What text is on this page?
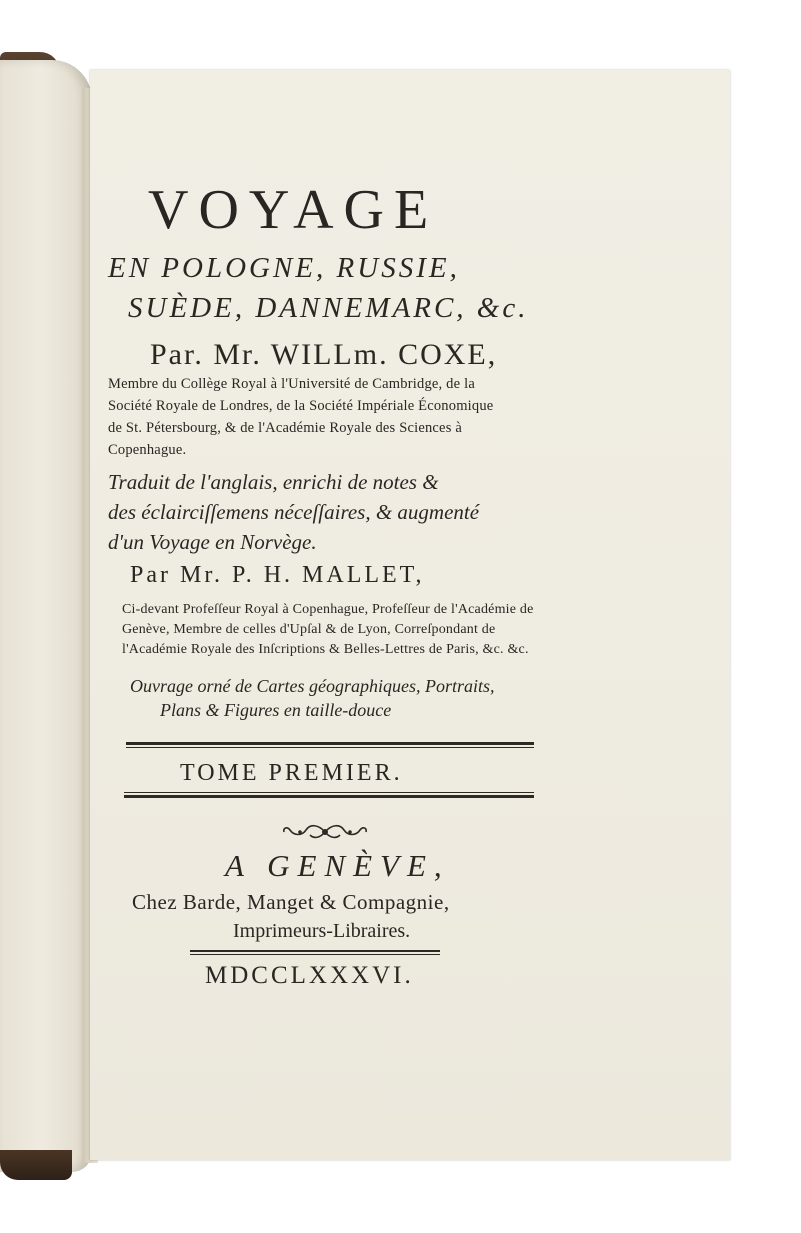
VOYAGE
EN POLOGNE, RUSSIE,
SUÈDE, DANNEMARC, &c.
Par. Mr. WILLm. COXE,
Membre du Collège Royal à l'Université de Cambridge, de la
Société Royale de Londres, de la Société Impériale Économique
de St. Pétersbourg, & de l'Académie Royale des Sciences à
Copenhague.
Traduit de l'anglais, enrichi de notes &
des éclairciſſemens néceſſaires, & augmenté
d'un Voyage en Norvège.
Par Mr. P. H. MALLET,
Ci-devant Profeſſeur Royal à Copenhague, Profeſſeur de l'Académie de
Genève, Membre de celles d'Upſal & de Lyon, Correſpondant de
l'Académie Royale des Inſcriptions & Belles-Lettres de Paris, &c. &c.
Ouvrage orné de Cartes géographiques, Portraits,
Plans & Figures en taille-douce
TOME PREMIER.
A GENÈVE,
Chez Barde, Manget & Compagnie,
Imprimeurs-Libraires.
MDCCLXXXVI.
